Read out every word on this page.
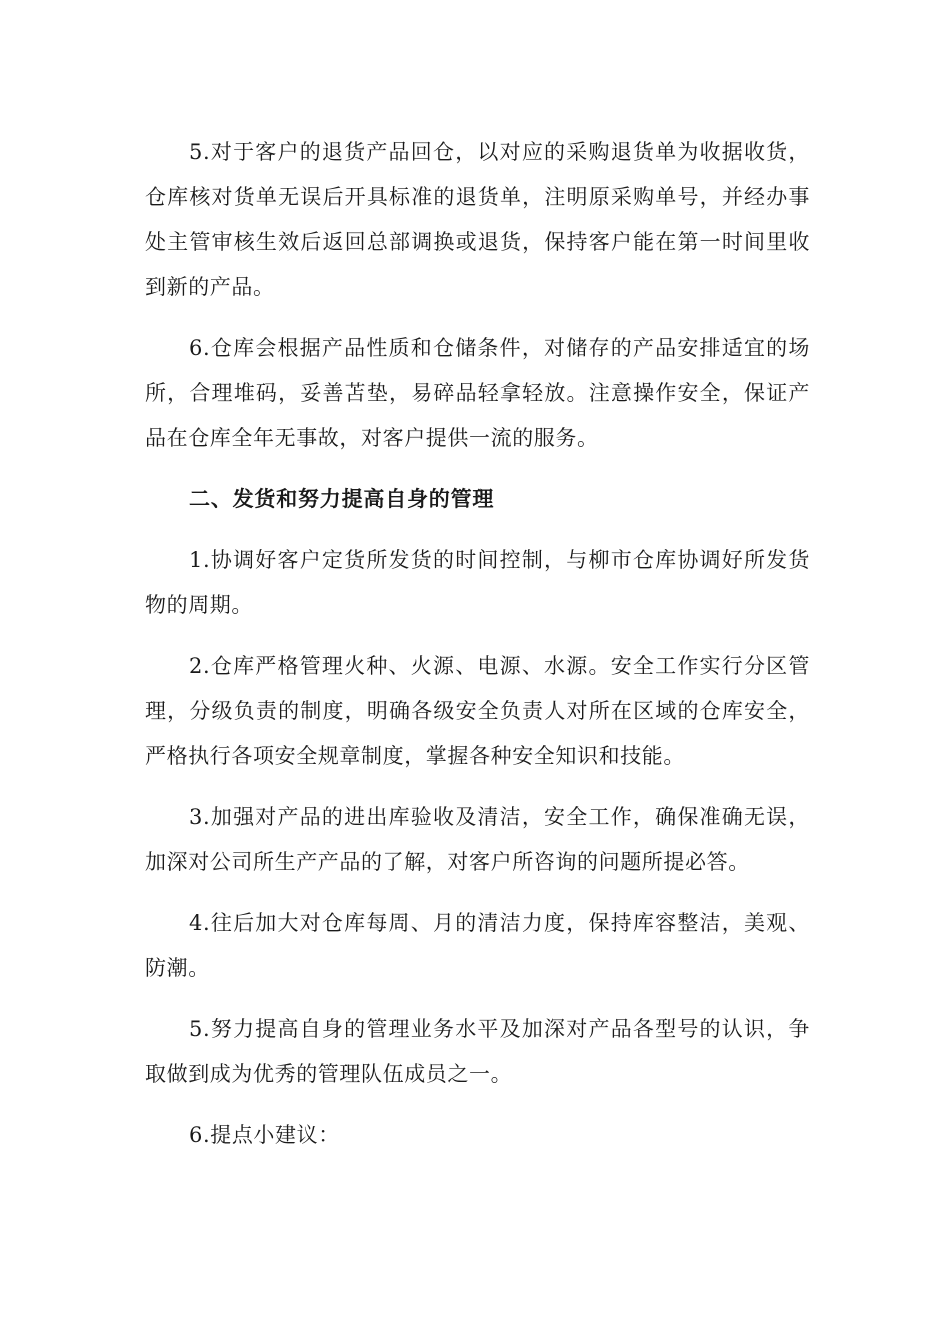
5.对于客户的退货产品回仓，以对应的采购退货单为收据收货，仓库核对货单无误后开具标准的退货单，注明原采购单号，并经办事处主管审核生效后返回总部调换或退货，保持客户能在第一时间里收到新的产品。

6.仓库会根据产品性质和仓储条件，对储存的产品安排适宜的场所，合理堆码，妥善苫垫，易碎品轻拿轻放。注意操作安全，保证产品在仓库全年无事故，对客户提供一流的服务。

二、发货和努力提高自身的管理

1.协调好客户定货所发货的时间控制，与柳市仓库协调好所发货物的周期。

2.仓库严格管理火种、火源、电源、水源。安全工作实行分区管理，分级负责的制度，明确各级安全负责人对所在区域的仓库安全，严格执行各项安全规章制度，掌握各种安全知识和技能。

3.加强对产品的进出库验收及清洁，安全工作，确保准确无误，加深对公司所生产产品的了解，对客户所咨询的问题所提必答。

4.往后加大对仓库每周、月的清洁力度，保持库容整洁，美观、防潮。

5.努力提高自身的管理业务水平及加深对产品各型号的认识，争取做到成为优秀的管理队伍成员之一。

6.提点小建议：
